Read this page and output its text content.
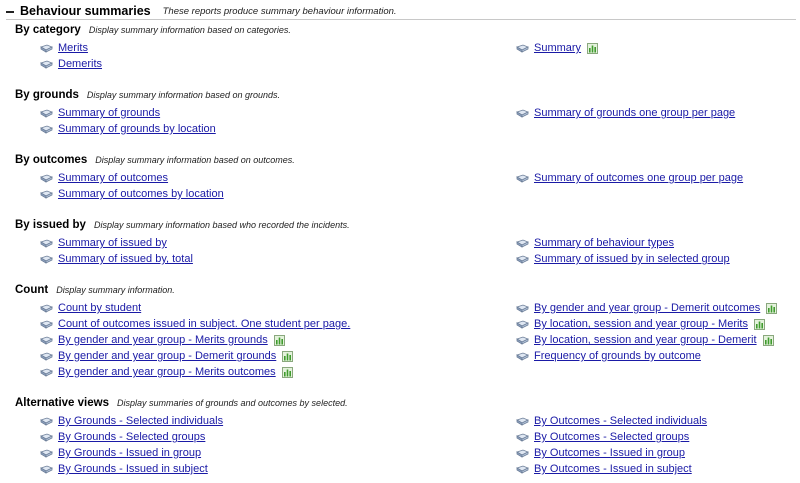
Behaviour summaries These reports produce summary behaviour information.
By category Display summary information based on categories.
Merits
Demerits
Summary
By grounds Display summary information based on grounds.
Summary of grounds
Summary of grounds by location
Summary of grounds one group per page
By outcomes Display summary information based on outcomes.
Summary of outcomes
Summary of outcomes by location
Summary of outcomes one group per page
By issued by Display summary information based who recorded the incidents.
Summary of issued by
Summary of issued by, total
Summary of behaviour types
Summary of issued by in selected group
Count Display summary information.
Count by student
Count of outcomes issued in subject. One student per page.
By gender and year group - Merits grounds
By gender and year group - Demerit grounds
By gender and year group - Merits outcomes
By gender and year group - Demerit outcomes
By location, session and year group - Merits
By location, session and year group - Demerit
Frequency of grounds by outcome
Alternative views Display summaries of grounds and outcomes by selected.
By Grounds - Selected individuals
By Grounds - Selected groups
By Grounds - Issued in group
By Grounds - Issued in subject
By Outcomes - Selected individuals
By Outcomes - Selected groups
By Outcomes - Issued in group
By Outcomes - Issued in subject
